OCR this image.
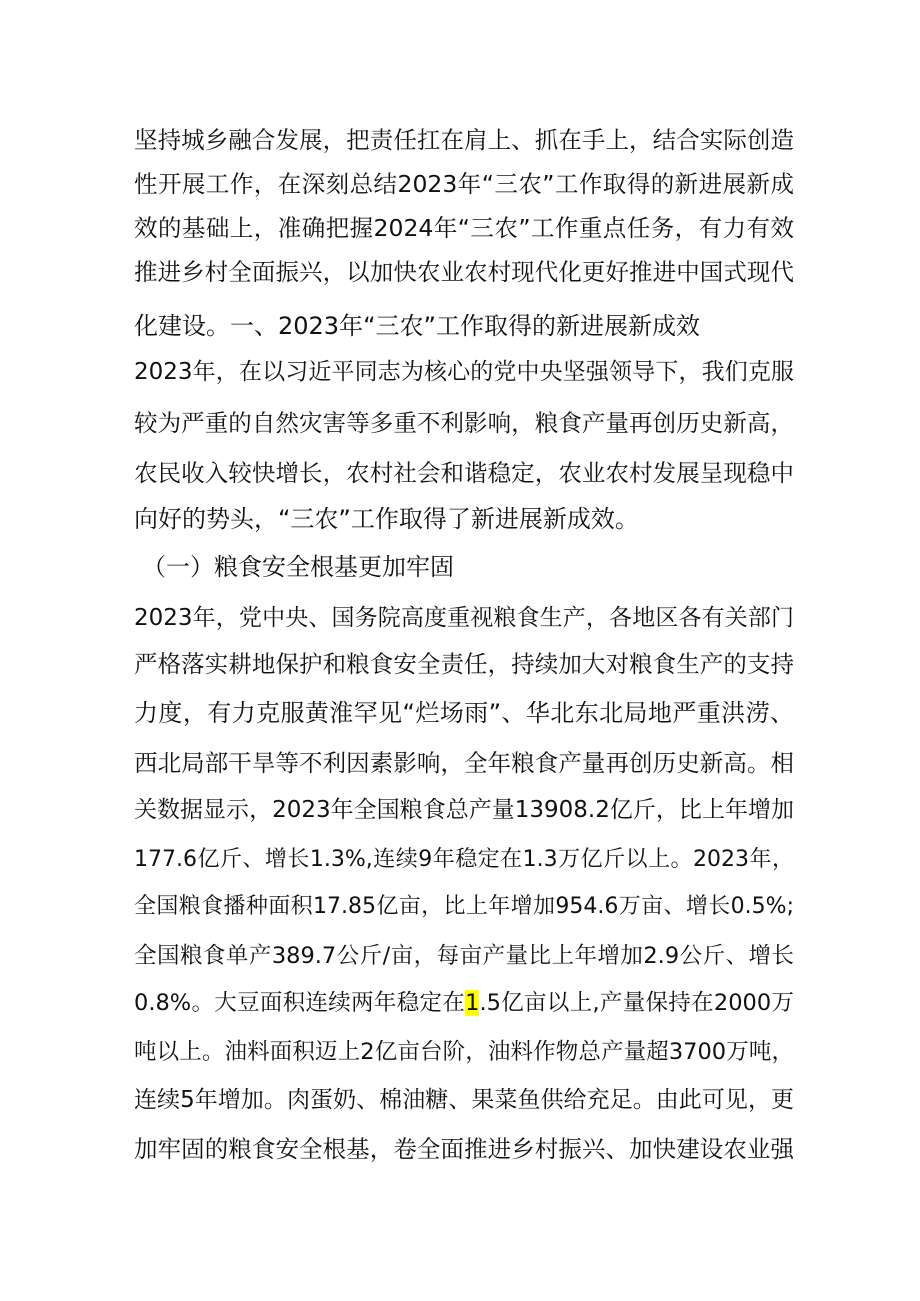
坚持城乡融合发展，把责任扛在肩上、抓在手上，结合实际创造
性开展工作，在深刻总结2023年“三农”工作取得的新进展新成
效的基础上，准确把握2024年“三农”工作重点任务，有力有效
推进乡村全面振兴，以加快农业农村现代化更好推进中国式现代
化建设。一、2023年“三农”工作取得的新进展新成效
2023年，在以习近平同志为核心的党中央坚强领导下，我们克服
较为严重的自然灾害等多重不利影响，粮食产量再创历史新高，
农民收入较快增长，农村社会和谐稳定，农业农村发展呈现稳中
向好的势头，“三农”工作取得了新进展新成效。
（一）粮食安全根基更加牢固
2023年，党中央、国务院高度重视粮食生产，各地区各有关部门
严格落实耕地保护和粮食安全责任，持续加大对粮食生产的支持
力度，有力克服黄淮罕见“烂场雨”、华北东北局地严重洪涝、
西北局部干旱等不利因素影响，全年粮食产量再创历史新高。相
关数据显示，2023年全国粮食总产量13908.2亿斤，比上年增加
177.6亿斤、增长1.3%,连续9年稳定在1.3万亿斤以上。2023年，
全国粮食播种面积17.85亿亩，比上年增加954.6万亩、增长0.5%;
全国粮食单产389.7公斤/亩，每亩产量比上年增加2.9公斤、增长
0.8%。大豆面积连续两年稳定在1.5亿亩以上,产量保持在2000万
吨以上。油料面积迈上2亿亩台阶，油料作物总产量超3700万吨，
连续5年增加。肉蛋奶、棉油糖、果菜鱼供给充足。由此可见，更
加牢固的粮食安全根基，卷全面推进乡村振兴、加快建设农业强
